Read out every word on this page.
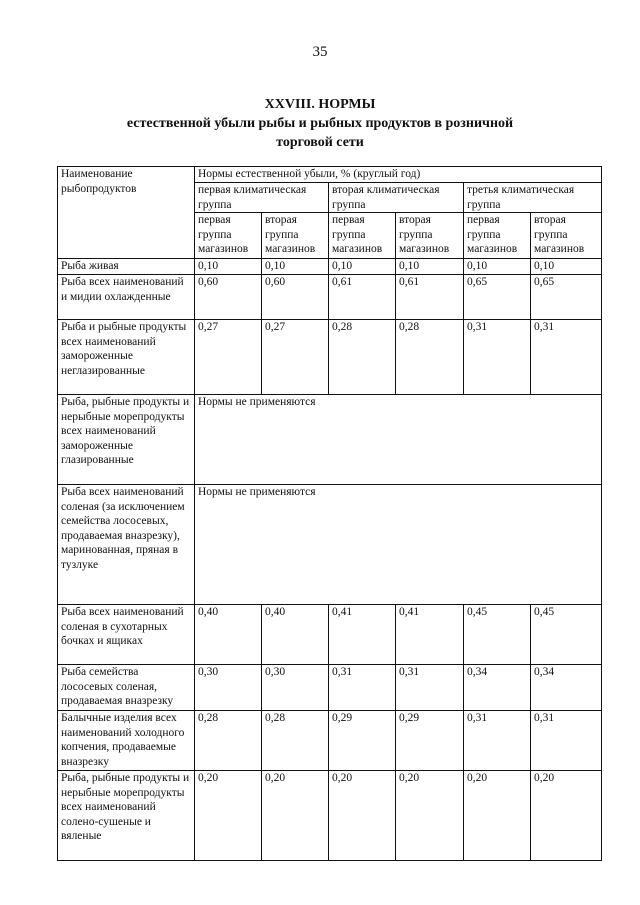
35
XXVIII. НОРМЫ
естественной убыли рыбы и рыбных продуктов в розничной
торговой сети
Наименование рыбопродуктов	Нормы естественной убыли, % (круглый год)					
	первая климатическая группа		вторая климатическая группа		третья климатическая группа	
	первая группа магазинов	вторая группа магазинов	первая группа магазинов	вторая группа магазинов	первая группа магазинов	вторая группа магазинов
Рыба живая	0,10	0,10	0,10	0,10	0,10	0,10
Рыба всех наименований и мидии охлажденные	0,60	0,60	0,61	0,61	0,65	0,65
Рыба и рыбные продукты всех наименований замороженные неглазированные	0,27	0,27	0,28	0,28	0,31	0,31
Рыба, рыбные продукты и нерыбные морепродукты всех наименований замороженные глазированные	Нормы не применяются					
Рыба всех наименований соленая (за исключением семейства лососевых, продаваемая вназрезку), маринованная, пряная в тузлуке	Нормы не применяются					
Рыба всех наименований соленая в сухотарных бочках и ящиках	0,40	0,40	0,41	0,41	0,45	0,45
Рыба семейства лососевых соленая, продаваемая вназрезку	0,30	0,30	0,31	0,31	0,34	0,34
Балычные изделия всех наименований холодного копчения, продаваемые вназрезку	0,28	0,28	0,29	0,29	0,31	0,31
Рыба, рыбные продукты и нерыбные морепродукты всех наименований солено-сушеные и вяленые	0,20	0,20	0,20	0,20	0,20	0,20
